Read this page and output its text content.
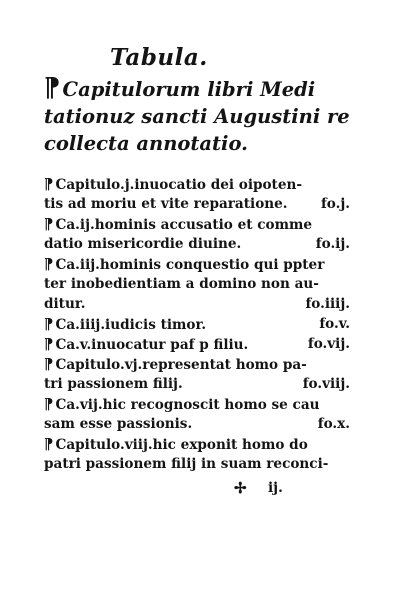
Tabula.
¶ Capitulorum libri Medi
tationuz sancti Augustini re
collecta annotatio.
¶ Capitulo.j.inuocatio dei oipoten-
tis ad moriu et vite reparatione. fo.j.
¶ Ca.ij.hominis accusatio et comme
datio misericordie diuine.	fo.ij.
¶ Ca.iij.hominis conquestio qui ppter
ter inobedientiam a domino non au-
ditur.	fo.iiij.
¶ Ca.iiij.iudicis timor.	fo.v.
¶ Ca.v.inuocatur paf p filiu.	fo.vij.
¶ Capitulo.vj.representat homo pa-
tri passionem filij.	fo.viij.
¶ Ca.vij.hic recognoscit homo se cau
sam esse passionis.	fo.x.
¶ Capitulo.viij.hic exponit homo do
patri passionem filij in suam reconci-
✢ ij.
